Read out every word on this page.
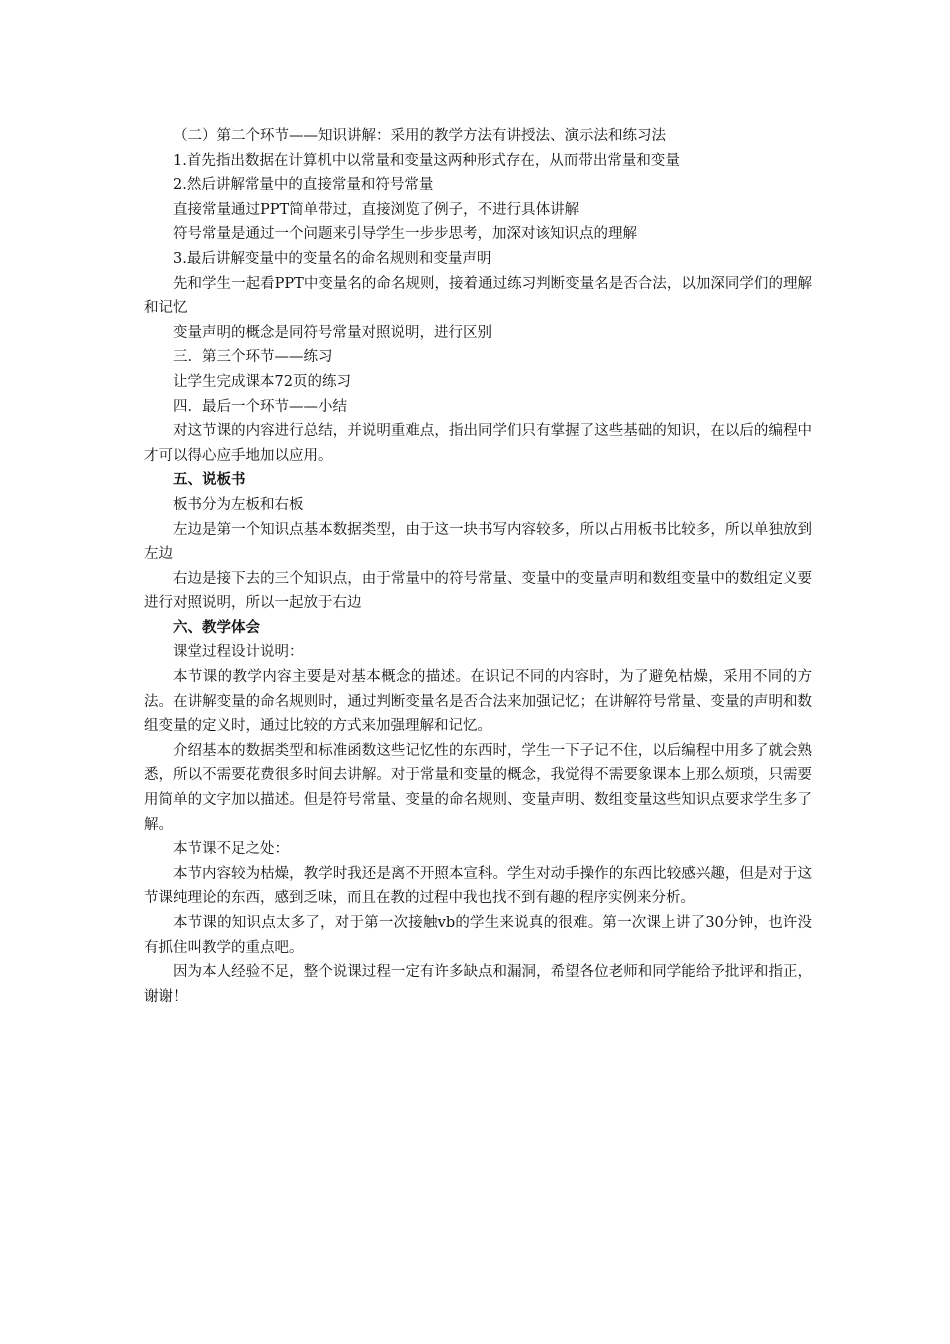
（二）第二个环节——知识讲解：采用的教学方法有讲授法、演示法和练习法

1.首先指出数据在计算机中以常量和变量这两种形式存在，从而带出常量和变量

2.然后讲解常量中的直接常量和符号常量

直接常量通过PPT简单带过，直接浏览了例子，不进行具体讲解

符号常量是通过一个问题来引导学生一步步思考，加深对该知识点的理解

3.最后讲解变量中的变量名的命名规则和变量声明

先和学生一起看PPT中变量名的命名规则，接着通过练习判断变量名是否合法，以加深同学们的理解和记忆

变量声明的概念是同符号常量对照说明，进行区别

三．第三个环节——练习

让学生完成课本72页的练习

四．最后一个环节——小结

对这节课的内容进行总结，并说明重难点，指出同学们只有掌握了这些基础的知识，在以后的编程中才可以得心应手地加以应用。

五、说板书

板书分为左板和右板

左边是第一个知识点基本数据类型，由于这一块书写内容较多，所以占用板书比较多，所以单独放到左边

右边是接下去的三个知识点，由于常量中的符号常量、变量中的变量声明和数组变量中的数组定义要进行对照说明，所以一起放于右边

六、教学体会

课堂过程设计说明：

本节课的教学内容主要是对基本概念的描述。在识记不同的内容时，为了避免枯燥，采用不同的方法。在讲解变量的命名规则时，通过判断变量名是否合法来加强记忆；在讲解符号常量、变量的声明和数组变量的定义时，通过比较的方式来加强理解和记忆。

介绍基本的数据类型和标准函数这些记忆性的东西时，学生一下子记不住，以后编程中用多了就会熟悉，所以不需要花费很多时间去讲解。对于常量和变量的概念，我觉得不需要象课本上那么烦琐，只需要用简单的文字加以描述。但是符号常量、变量的命名规则、变量声明、数组变量这些知识点要求学生多了解。

本节课不足之处：

本节内容较为枯燥，教学时我还是离不开照本宣科。学生对动手操作的东西比较感兴趣，但是对于这节课纯理论的东西，感到乏味，而且在教的过程中我也找不到有趣的程序实例来分析。

本节课的知识点太多了，对于第一次接触vb的学生来说真的很难。第一次课上讲了30分钟，也许没有抓住叫教学的重点吧。

因为本人经验不足，整个说课过程一定有许多缺点和漏洞，希望各位老师和同学能给予批评和指正，谢谢！
